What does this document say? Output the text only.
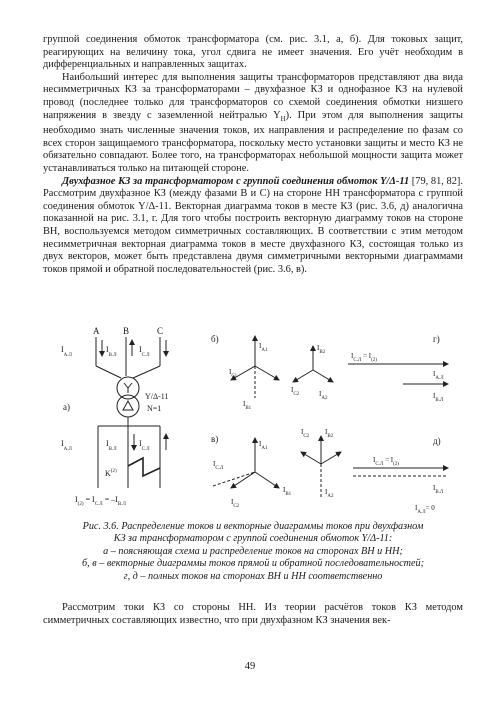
группой соединения обмоток трансформатора (см. рис. 3.1, а, б). Для токовых защит, реагирующих на величину тока, угол сдвига не имеет значения. Его учёт необходим в дифференциальных и направленных защитах.

Наибольший интерес для выполнения защиты трансформаторов представляют два вида несимметричных КЗ за трансформаторами – двухфазное КЗ и однофазное КЗ на нулевой провод (последнее только для трансформаторов со схемой соединения обмотки низшего напряжения в звезду с заземленной нейтралью $Y_Н$). При этом для выполнения защиты необходимо знать численные значения токов, их направления и распределение по фазам со всех сторон защищаемого трансформатора, поскольку место установки защиты и место КЗ не обязательно совпадают. Более того, на трансформаторах небольшой мощности защита может устанавливаться только на питающей стороне.

Двухфазное КЗ за трансформатором с группой соединения обмоток Y/Δ-11 [79, 81, 82]. Рассмотрим двухфазное КЗ (между фазами B и C) на стороне НН трансформатора с группой соединения обмоток Y/Δ-11. Векторная диаграмма токов в месте КЗ (рис. 3.6, д) аналогична показанной на рис. 3.1, г. Для того чтобы построить векторную диаграмму токов на стороне ВН, воспользуемся методом симметричных составляющих. В соответствии с этим методом несимметричная векторная диаграмма токов в месте двухфазного КЗ, состоящая только из двух векторов, может быть представлена двумя симметричными векторными диаграммами токов прямой и обратной последовательностей (рис. 3.6, в).

A	B	C
$I_{А.Л}$
$I_{В.Л}$
$I_{С.Л}$
Y/Δ-11
N=1
а)
$I_{А.Л}$
$I_{В.Л}$
$I_{С.Л}$
$K^{(2)}$
$I_{(2)} = I_{С.Л} = -I_{В.Л}$
б)
$I_{А1}$
$I_{С1}$
$I_{В1}$
$I_{В2}$
$I_{С2}$	$I_{А2}$
г)
$I_{С.Л} = I_{(2)}$
$I_{А.Л}$
$I_{В.Л}$
в)	$I_{А1}$
$I_{С.Л}$
$I_{С2}$
$I_{В1}$
$I_{С2}$
$I_{В2}$
$I_{А2}$
д)
$I_{С.Л} = I_{(2)}$
$I_{В.Л}$
$I_{А.Л}= 0$
Рис. 3.6. Распределение токов и векторные диаграммы токов при двухфазном
КЗ за трансформатором с группой соединения обмоток Y/Δ-11:
а – поясняющая схема и распределение токов на сторонах ВН и НН;
б, в – векторные диаграммы токов прямой и обратной последовательностей;
г, д – полных токов на сторонах ВН и НН соответственно

Рассмотрим токи КЗ со стороны НН. Из теории расчётов токов КЗ методом симметричных составляющих известно, что при двухфазном КЗ значения век-

49
